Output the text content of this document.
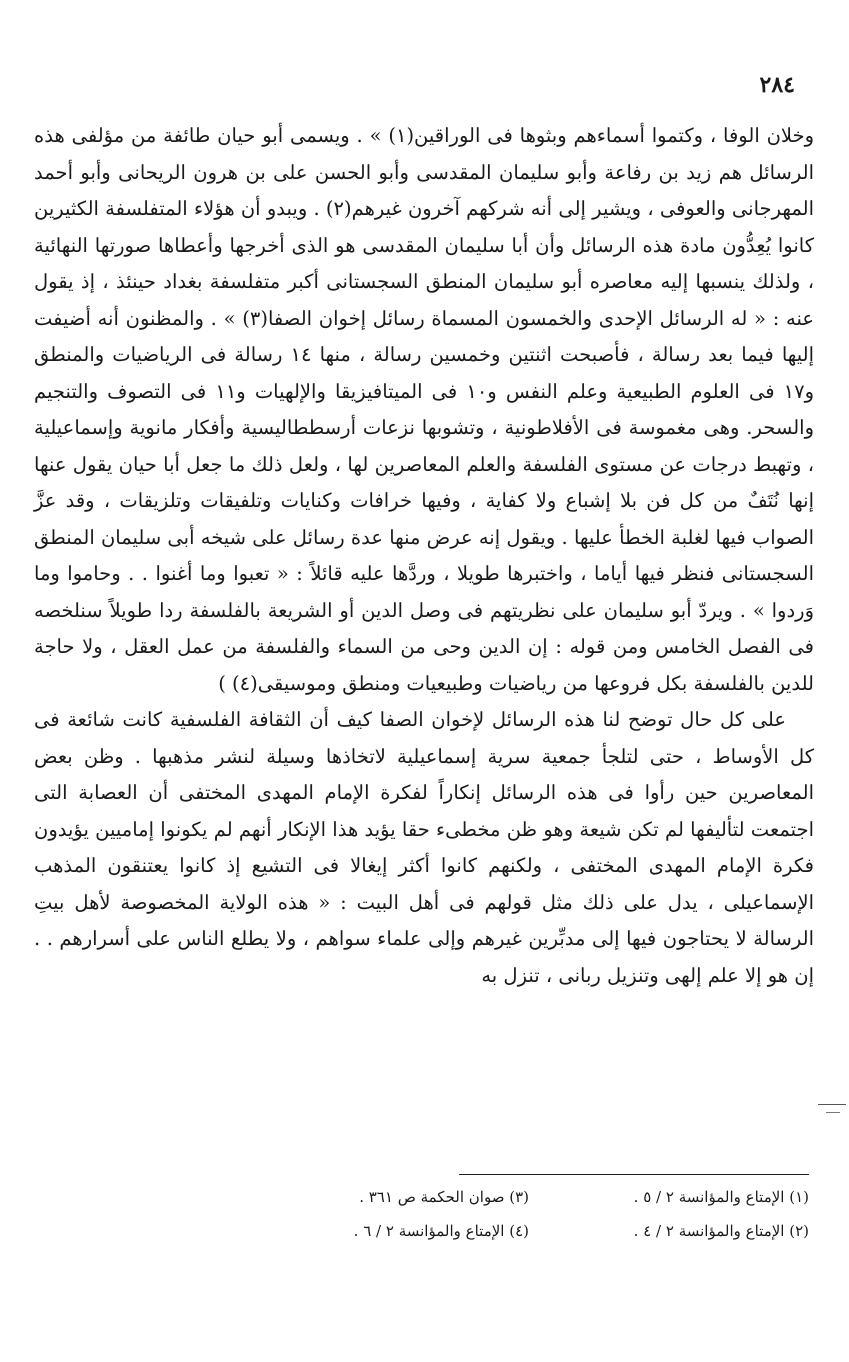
٢٨٤

وخلان الوفا ، وكتموا أسماءهم وبثوها فى الوراقين(١) » . ويسمى أبو حيان طائفة من مؤلفى هذه الرسائل هم زيد بن رفاعة وأبو سليمان المقدسى وأبو الحسن على بن هرون الريحانى وأبو أحمد المهرجانى والعوفى ، ويشير إلى أنه شركهم آخرون غيرهم(٢) . ويبدو أن هؤلاء المتفلسفة الكثيرين كانوا يُعِدُّون مادة هذه الرسائل وأن أبا سليمان المقدسى هو الذى أخرجها وأعطاها صورتها النهائية ، ولذلك ينسبها إليه معاصره أبو سليمان المنطق السجستانى أكبر متفلسفة بغداد حينئذ ، إذ يقول عنه : « له الرسائل الإحدى والخمسون المسماة رسائل إخوان الصفا(٣) » . والمظنون أنه أضيفت إليها فيما بعد رسالة ، فأصبحت اثنتين وخمسين رسالة ، منها ١٤ رسالة فى الرياضيات والمنطق و١٧ فى العلوم الطبيعية وعلم النفس و١٠ فى الميتافيزيقا والإلهيات و١١ فى التصوف والتنجيم والسحر. وهى مغموسة فى الأفلاطونية ، وتشوبها نزعات أرسططاليسية وأفكار مانوية وإسماعيلية ، وتهبط درجات عن مستوى الفلسفة والعلم المعاصرين لها ، ولعل ذلك ما جعل أبا حيان يقول عنها إنها نُتَفٌ من كل فن بلا إشباع ولا كفاية ، وفيها خرافات وكنايات وتلفيقات وتلزيقات ، وقد عزَّ الصواب فيها لغلبة الخطأ عليها . ويقول إنه عرض منها عدة رسائل على شيخه أبى سليمان المنطق السجستانى فنظر فيها أياما ، واختبرها طويلا ، وردَّها عليه قائلاً : « تعبوا وما أغنوا . . وحاموا وما وَردوا » . ويردّ أبو سليمان على نظريتهم فى وصل الدين أو الشريعة بالفلسفة ردا طويلاً سنلخصه فى الفصل الخامس ومن قوله : إن الدين وحى من السماء والفلسفة من عمل العقل ، ولا حاجة للدين بالفلسفة بكل فروعها من رياضيات وطبيعيات ومنطق وموسيقى(٤) )

على كل حال توضح لنا هذه الرسائل لإخوان الصفا كيف أن الثقافة الفلسفية كانت شائعة فى كل الأوساط ، حتى لتلجأ جمعية سرية إسماعيلية لاتخاذها وسيلة لنشر مذهبها . وظن بعض المعاصرين حين رأوا فى هذه الرسائل إنكاراً لفكرة الإمام المهدى المختفى أن العصابة التى اجتمعت لتأليفها لم تكن شيعة وهو ظن مخطىء حقا يؤيد هذا الإنكار أنهم لم يكونوا إماميين يؤيدون فكرة الإمام المهدى المختفى ، ولكنهم كانوا أكثر إيغالا فى التشيع إذ كانوا يعتنقون المذهب الإسماعيلى ، يدل على ذلك مثل قولهم فى أهل البيت : « هذه الولاية المخصوصة لأهل بيتِ الرسالة لا يحتاجون فيها إلى مدبِّرين غيرهم وإلى علماء سواهم ، ولا يطلع الناس على أسرارهم . . إن هو إلا علم إلهى وتنزيل ربانى ، تنزل به

(١) الإمتاع والمؤانسة ٢ / ٥ .
(٣) صوان الحكمة ص ٣٦١ .
(٢) الإمتاع والمؤانسة ٢ / ٤ .
(٤) الإمتاع والمؤانسة ٢ / ٦ .
